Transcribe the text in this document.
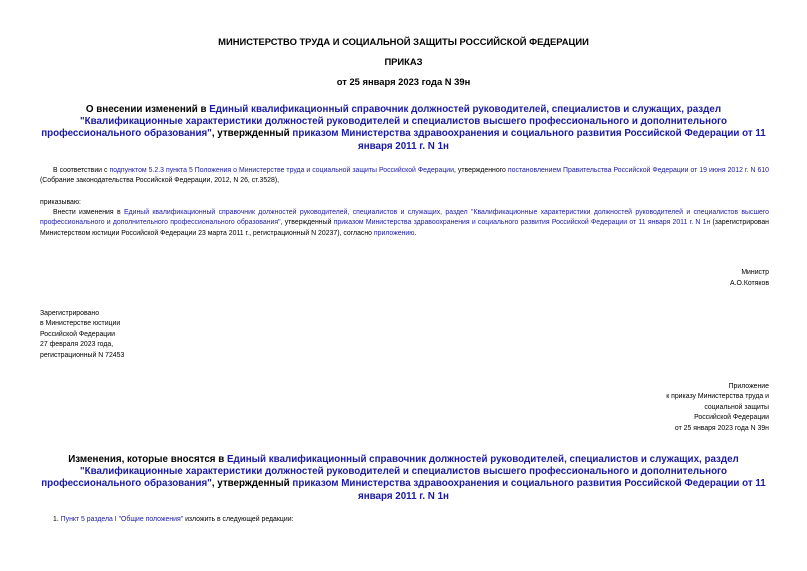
МИНИСТЕРСТВО ТРУДА И СОЦИАЛЬНОЙ ЗАЩИТЫ РОССИЙСКОЙ ФЕДЕРАЦИИ
ПРИКАЗ
от 25 января 2023 года N 39н
О внесении изменений в Единый квалификационный справочник должностей руководителей, специалистов и служащих, раздел "Квалификационные характеристики должностей руководителей и специалистов высшего профессионального и дополнительного профессионального образования", утвержденный приказом Министерства здравоохранения и социального развития Российской Федерации от 11 января 2011 г. N 1н
В соответствии с подпунктом 5.2.3 пункта 5 Положения о Министерстве труда и социальной защиты Российской Федерации, утвержденного постановлением Правительства Российской Федерации от 19 июня 2012 г. N 610 (Собрание законодательства Российской Федерации, 2012, N 26, ст.3528),
приказываю:
Внести изменения в Единый квалификационный справочник должностей руководителей, специалистов и служащих, раздел "Квалификационные характеристики должностей руководителей и специалистов высшего профессионального и дополнительного профессионального образования", утвержденный приказом Министерства здравоохранения и социального развития Российской Федерации от 11 января 2011 г. N 1н (зарегистрирован Министерством юстиции Российской Федерации 23 марта 2011 г., регистрационный N 20237), согласно приложению.
Министр
А.О.Котяков
Зарегистрировано
в Министерстве юстиции
Российской Федерации
27 февраля 2023 года,
регистрационный N 72453
Приложение
к приказу Министерства труда и
социальной защиты
Российской Федерации
от 25 января 2023 года N 39н
Изменения, которые вносятся в Единый квалификационный справочник должностей руководителей, специалистов и служащих, раздел "Квалификационные характеристики должностей руководителей и специалистов высшего профессионального и дополнительного профессионального образования", утвержденный приказом Министерства здравоохранения и социального развития Российской Федерации от 11 января 2011 г. N 1н
1. Пункт 5 раздела I "Общие положения" изложить в следующей редакции:
